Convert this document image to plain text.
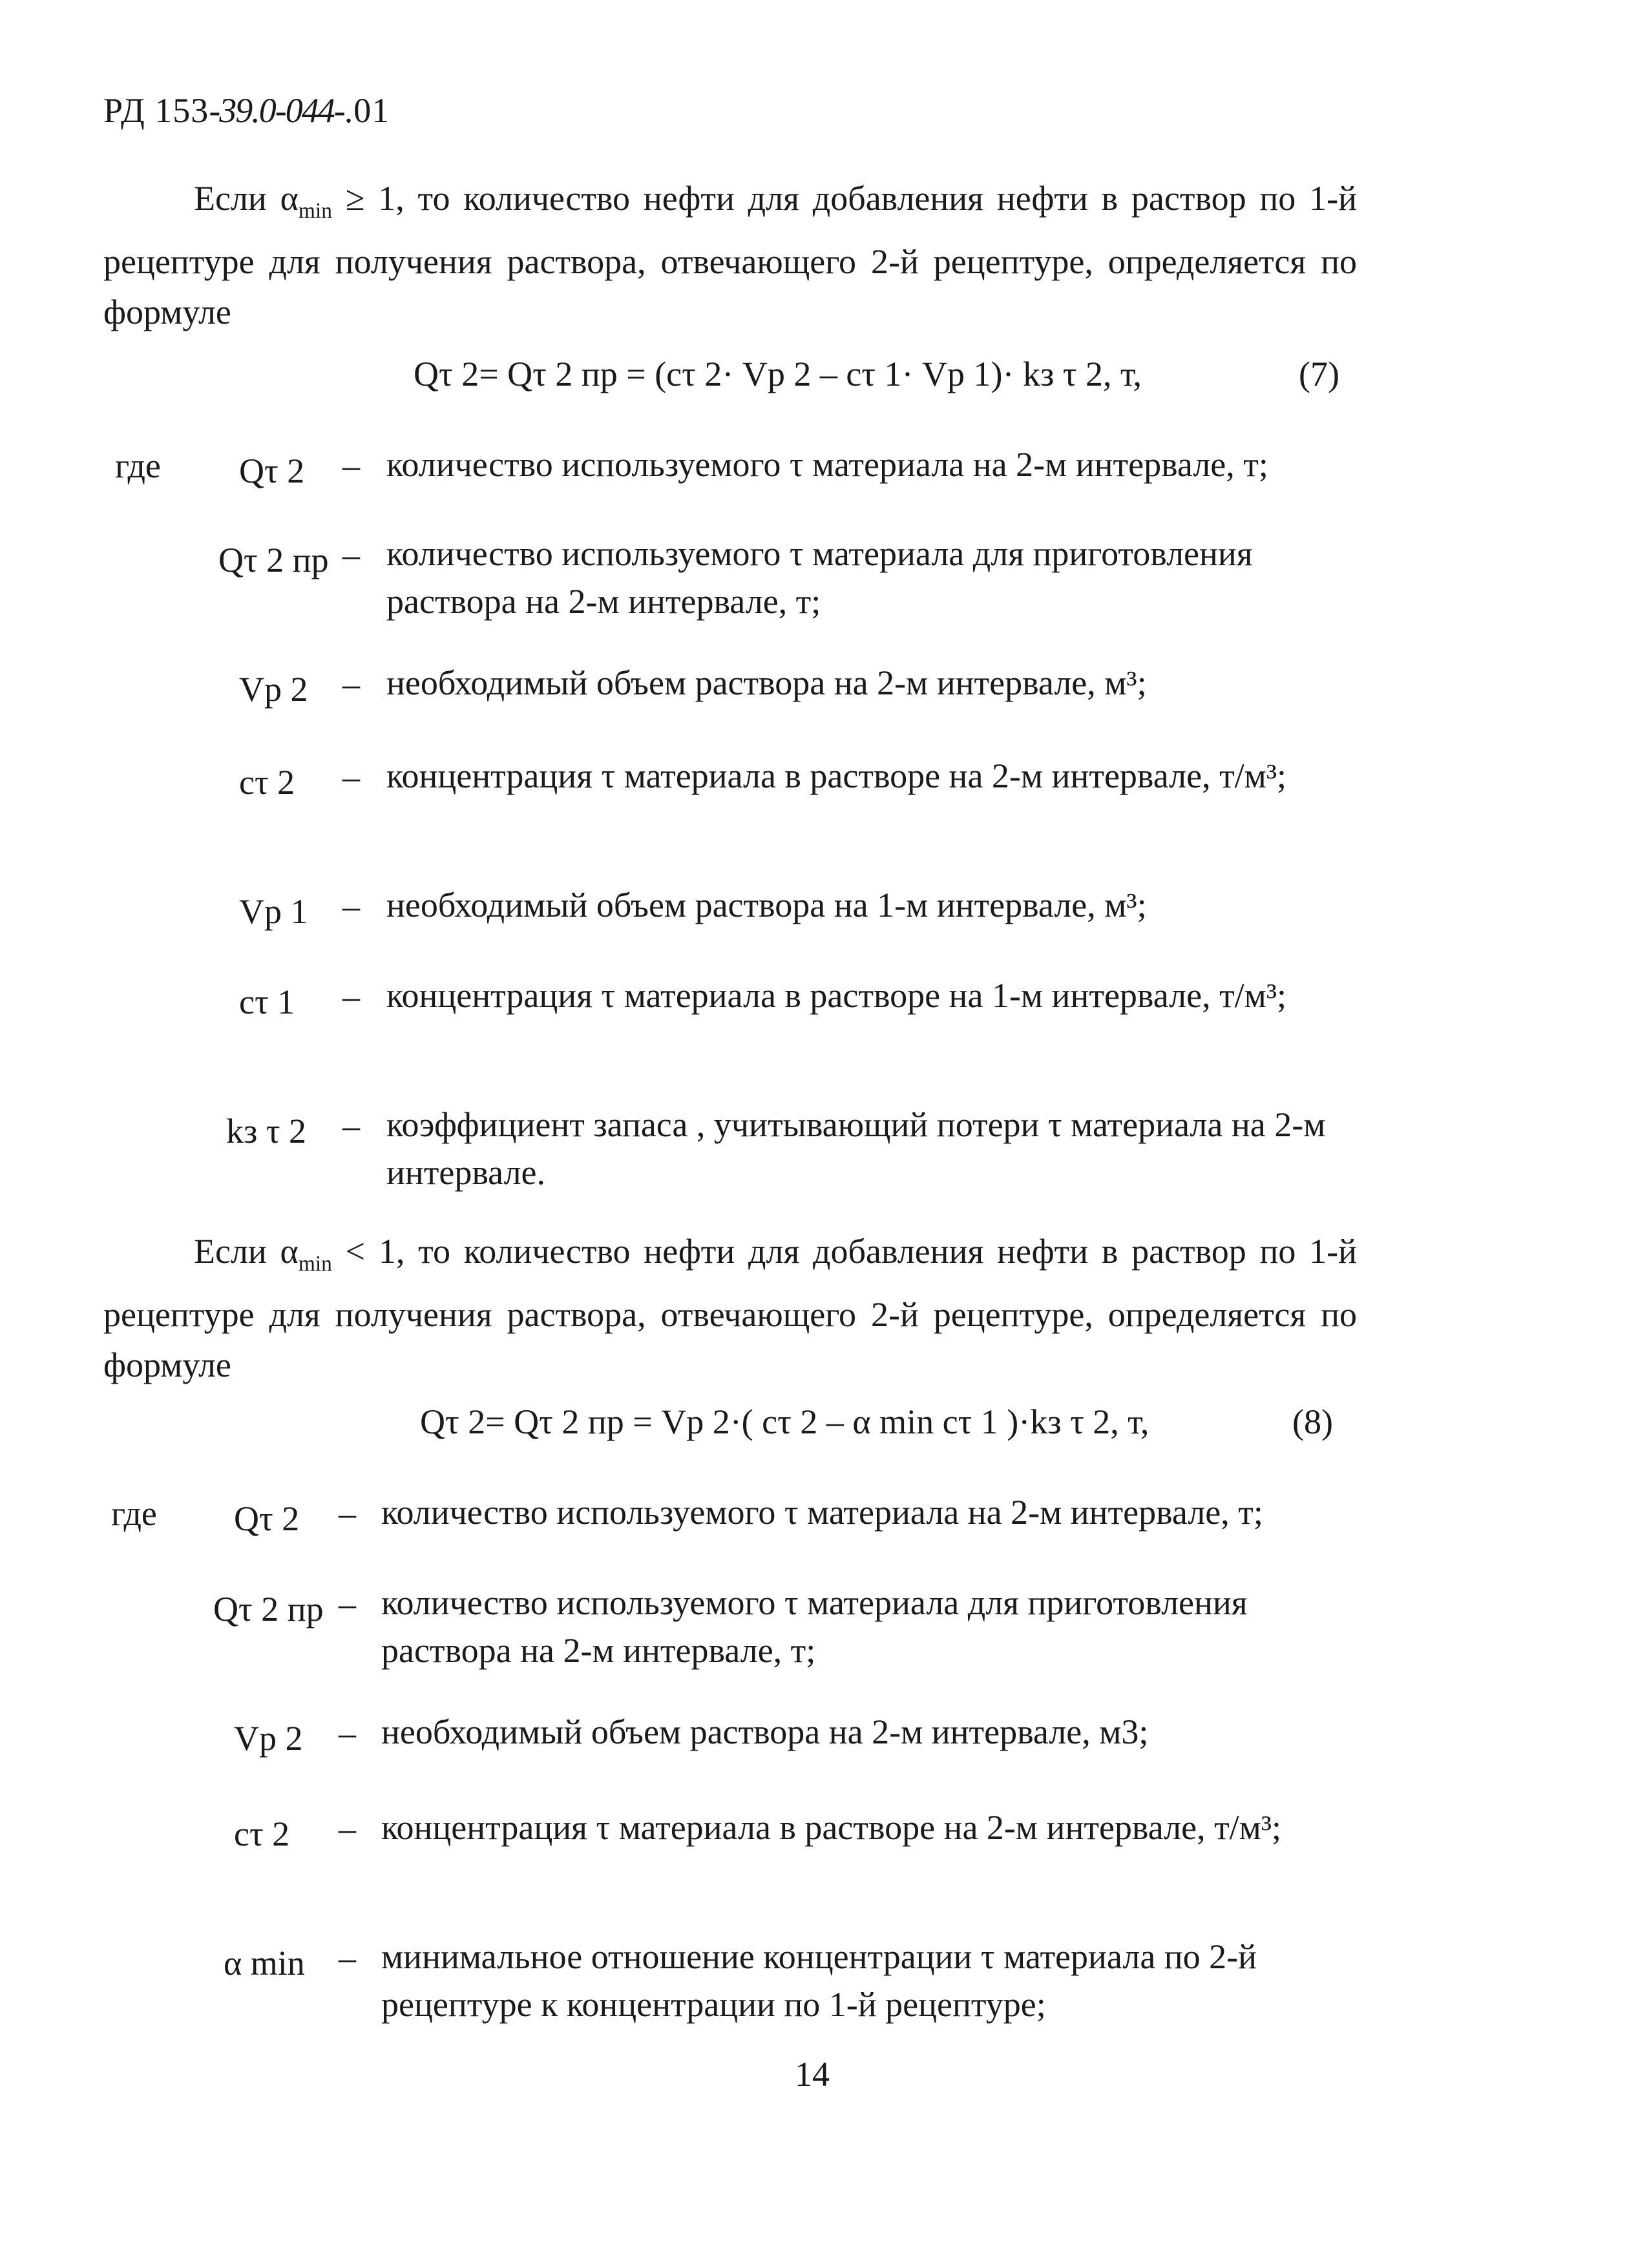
РД 153-39.0-044-.01
Если $\alpha_{min} \ge 1$, то количество нефти для добавления нефти в раствор по 1-й рецептуре для получения раствора, отвечающего 2-й рецептуре, определяется по формуле
Qτ 2= Qτ 2 пр = (cτ 2· Vр 2 – cτ 1· Vр 1)· kз τ 2, т,	(7)
где Qτ 2 – количество используемого τ материала на 2-м интервале, т;
Qτ 2 пр – количество используемого τ материала для приготовления раствора на 2-м интервале, т;
Vр 2 – необходимый объем раствора на 2-м интервале, м³;
cτ 2 – концентрация τ материала в растворе на 2-м интервале, т/м³;
Vр 1 – необходимый объем раствора на 1-м интервале, м³;
cτ 1 – концентрация τ материала в растворе на 1-м интервале, т/м³;
kз τ 2 – коэффициент запаса , учитывающий потери τ материала на 2-м интервале.
Если $\alpha_{min} < 1$, то количество нефти для добавления нефти в раствор по 1-й рецептуре для получения раствора, отвечающего 2-й рецептуре, определяется по формуле
Qτ 2= Qτ 2 пр = Vр 2·( cτ 2 – α min cτ 1 )·kз τ 2, т,	(8)
где Qτ 2 – количество используемого τ материала на 2-м интервале, т;
Qτ 2 пр – количество используемого τ материала для приготовления раствора на 2-м интервале, т;
Vр 2 – необходимый объем раствора на 2-м интервале, м3;
cτ 2 – концентрация τ материала в растворе на 2-м интервале, т/м³;
α min – минимальное отношение концентрации τ материала по 2-й рецептуре к концентрации по 1-й рецептуре;
14
